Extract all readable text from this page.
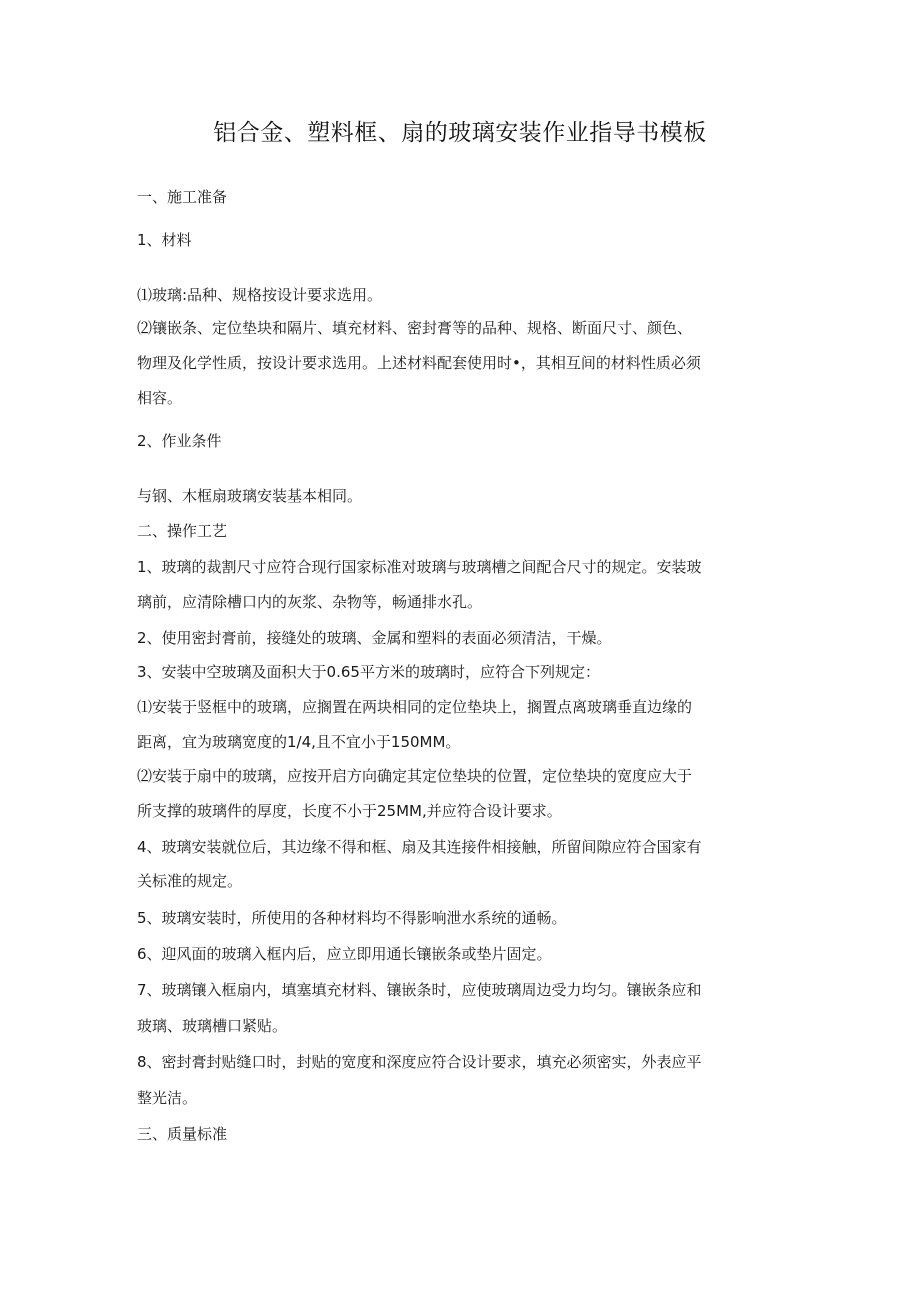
铝合金、塑料框、扇的玻璃安装作业指导书模板
一、施工准备
1、材料
⑴玻璃:品种、规格按设计要求选用。
⑵镶嵌条、定位垫块和隔片、填充材料、密封膏等的品种、规格、断面尺寸、颜色、
物理及化学性质，按设计要求选用。上述材料配套使用时•，其相互间的材料性质必须
相容。
2、作业条件
与钢、木框扇玻璃安装基本相同。
二、操作工艺
1、玻璃的裁割尺寸应符合现行国家标准对玻璃与玻璃槽之间配合尺寸的规定。安装玻
璃前，应清除槽口内的灰浆、杂物等，畅通排水孔。
2、使用密封膏前，接缝处的玻璃、金属和塑料的表面必须清洁，干燥。
3、安装中空玻璃及面积大于0.65平方米的玻璃时，应符合下列规定：
⑴安装于竖框中的玻璃，应搁置在两块相同的定位垫块上，搁置点离玻璃垂直边缘的
距离，宜为玻璃宽度的1/4,且不宜小于150MM。
⑵安装于扇中的玻璃，应按开启方向确定其定位垫块的位置，定位垫块的宽度应大于
所支撑的玻璃件的厚度，长度不小于25MM,并应符合设计要求。
4、玻璃安装就位后，其边缘不得和框、扇及其连接件相接触，所留间隙应符合国家有
关标准的规定。
5、玻璃安装时，所使用的各种材料均不得影响泄水系统的通畅。
6、迎风面的玻璃入框内后，应立即用通长镶嵌条或垫片固定。
7、玻璃镶入框扇内，填塞填充材料、镶嵌条时，应使玻璃周边受力均匀。镶嵌条应和
玻璃、玻璃槽口紧贴。
8、密封膏封贴缝口时，封贴的宽度和深度应符合设计要求，填充必须密实，外表应平
整光洁。
三、质量标准
